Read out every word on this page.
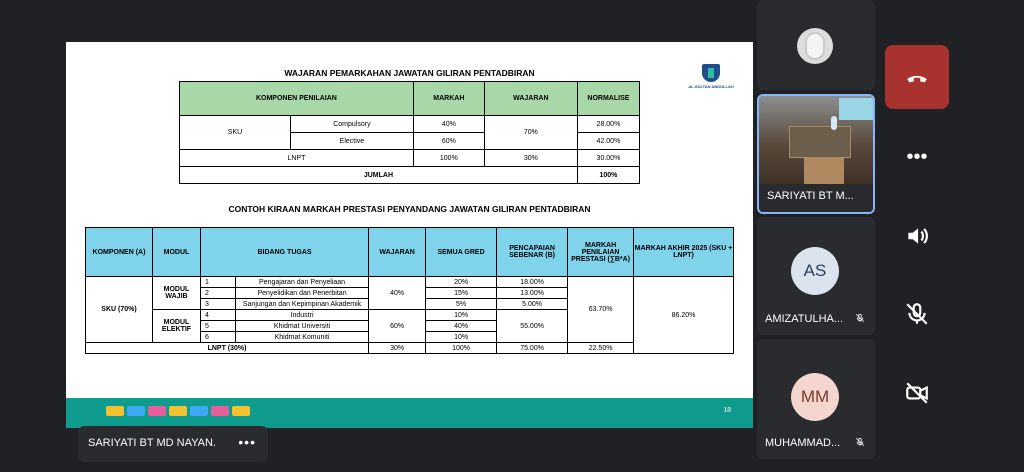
WAJARAN PEMARKAHAN JAWATAN GILIRAN PENTADBIRAN
AL-SULTAN ABDULLAH
KOMPONEN PENILAIAN		MARKAH	WAJARAN	NORMALISE
SKU	Compulsory	40%	70%	28.00%
	Elective	60%		42.00%
LNPT		100%	30%	30.00%
JUMLAH				100%
CONTOH KIRAAN MARKAH PRESTASI PENYANDANG JAWATAN GILIRAN PENTADBIRAN
KOMPONEN (A)	MODUL	BIDANG TUGAS		WAJARAN	SEMUA GRED	PENCAPAIAN SEBENAR (B)	MARKAH PENILAIAN PRESTASI (∑B*A)	MARKAH AKHIR 2025 (SKU + LNPT)
SKU (70%)	MODUL WAJIB	1	Pengajaran dan Penyeliaan	40%	20%	18.00%	63.70%	86.20%
		2	Penyelidikan dan Penerbitan		15%	13.00%		
		3	Sanjungan dan Kepimpinan Akademik		5%	5.00%		
	MODUL ELEKTIF	4	Industri	60%	10%	55.00%		
		5	Khidmat Universiti		40%			
		6	Khidmat Komuniti		10%			
LNPT (30%)				30%	100%	75.00%	22.50%	
18
SARIYATI BT MD NAYAN. •••
SARIYATI BT M...
AS
AMIZATULHA...
MM
MUHAMMAD...
•••
